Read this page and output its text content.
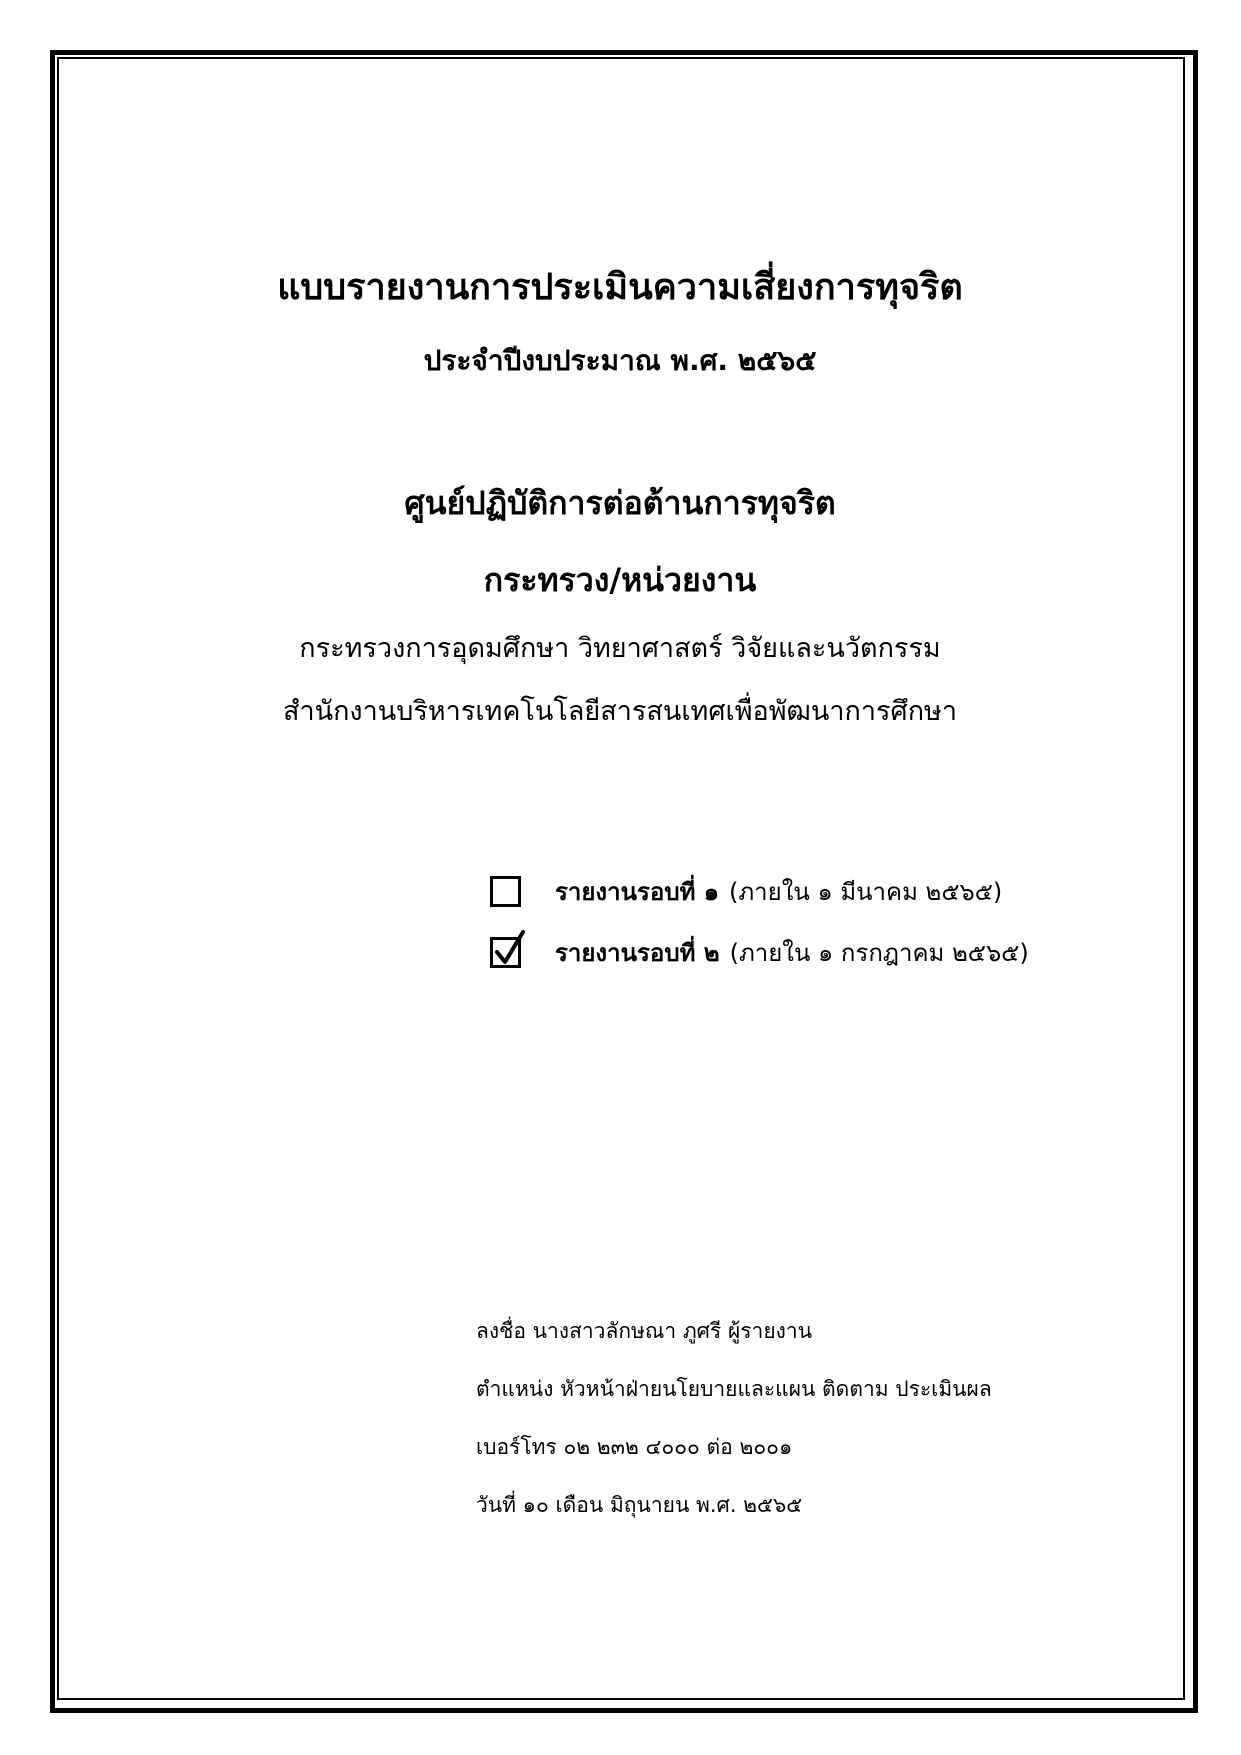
แบบรายงานการประเมินความเสี่ยงการทุจริต
ประจำปีงบประมาณ พ.ศ. ๒๕๖๕
ศูนย์ปฏิบัติการต่อต้านการทุจริต
กระทรวง/หน่วยงาน
กระทรวงการอุดมศึกษา วิทยาศาสตร์ วิจัยและนวัตกรรม
สำนักงานบริหารเทคโนโลยีสารสนเทศเพื่อพัฒนาการศึกษา
รายงานรอบที่ ๑ (ภายใน ๑ มีนาคม ๒๕๖๕)
รายงานรอบที่ ๒ (ภายใน ๑ กรกฎาคม ๒๕๖๕)
ลงชื่อ นางสาวลักษณา ภูศรี ผู้รายงาน
ตำแหน่ง หัวหน้าฝ่ายนโยบายและแผน ติดตาม ประเมินผล
เบอร์โทร ๐๒ ๒๓๒ ๔๐๐๐ ต่อ ๒๐๐๑
วันที่ ๑๐ เดือน มิถุนายน พ.ศ. ๒๕๖๕
